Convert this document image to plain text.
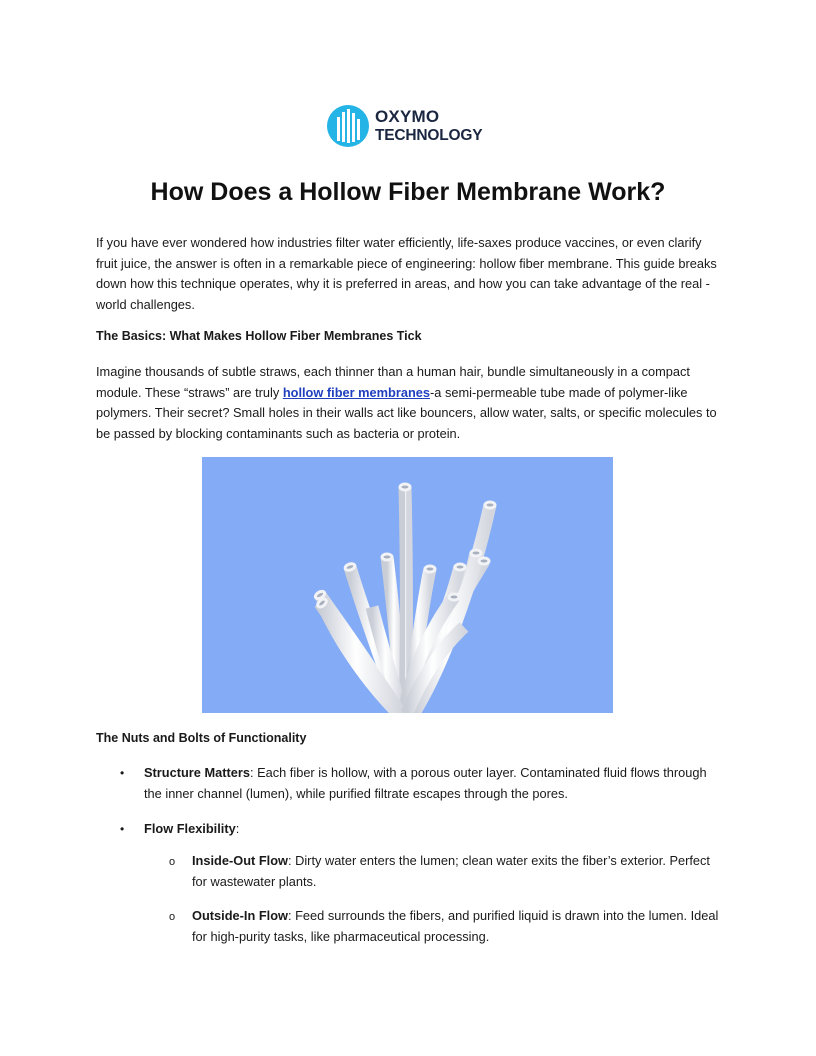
OXYMO
TECHNOLOGY
How Does a Hollow Fiber Membrane Work?

If you have ever wondered how industries filter water efficiently, life-saxes produce vaccines, or even clarify fruit juice, the answer is often in a remarkable piece of engineering: hollow fiber membrane. This guide breaks down how this technique operates, why it is preferred in areas, and how you can take advantage of the real -world challenges.

The Basics: What Makes Hollow Fiber Membranes Tick

Imagine thousands of subtle straws, each thinner than a human hair, bundle simultaneously in a compact module. These “straws” are truly hollow fiber membranes-a semi-permeable tube made of polymer-like polymers. Their secret? Small holes in their walls act like bouncers, allow water, salts, or specific molecules to be passed by blocking contaminants such as bacteria or protein.

The Nuts and Bolts of Functionality
• Structure Matters: Each fiber is hollow, with a porous outer layer. Contaminated fluid flows through the inner channel (lumen), while purified filtrate escapes through the pores.
• Flow Flexibility:
o Inside-Out Flow: Dirty water enters the lumen; clean water exits the fiber’s exterior. Perfect for wastewater plants.
o Outside-In Flow: Feed surrounds the fibers, and purified liquid is drawn into the lumen. Ideal for high-purity tasks, like pharmaceutical processing.
